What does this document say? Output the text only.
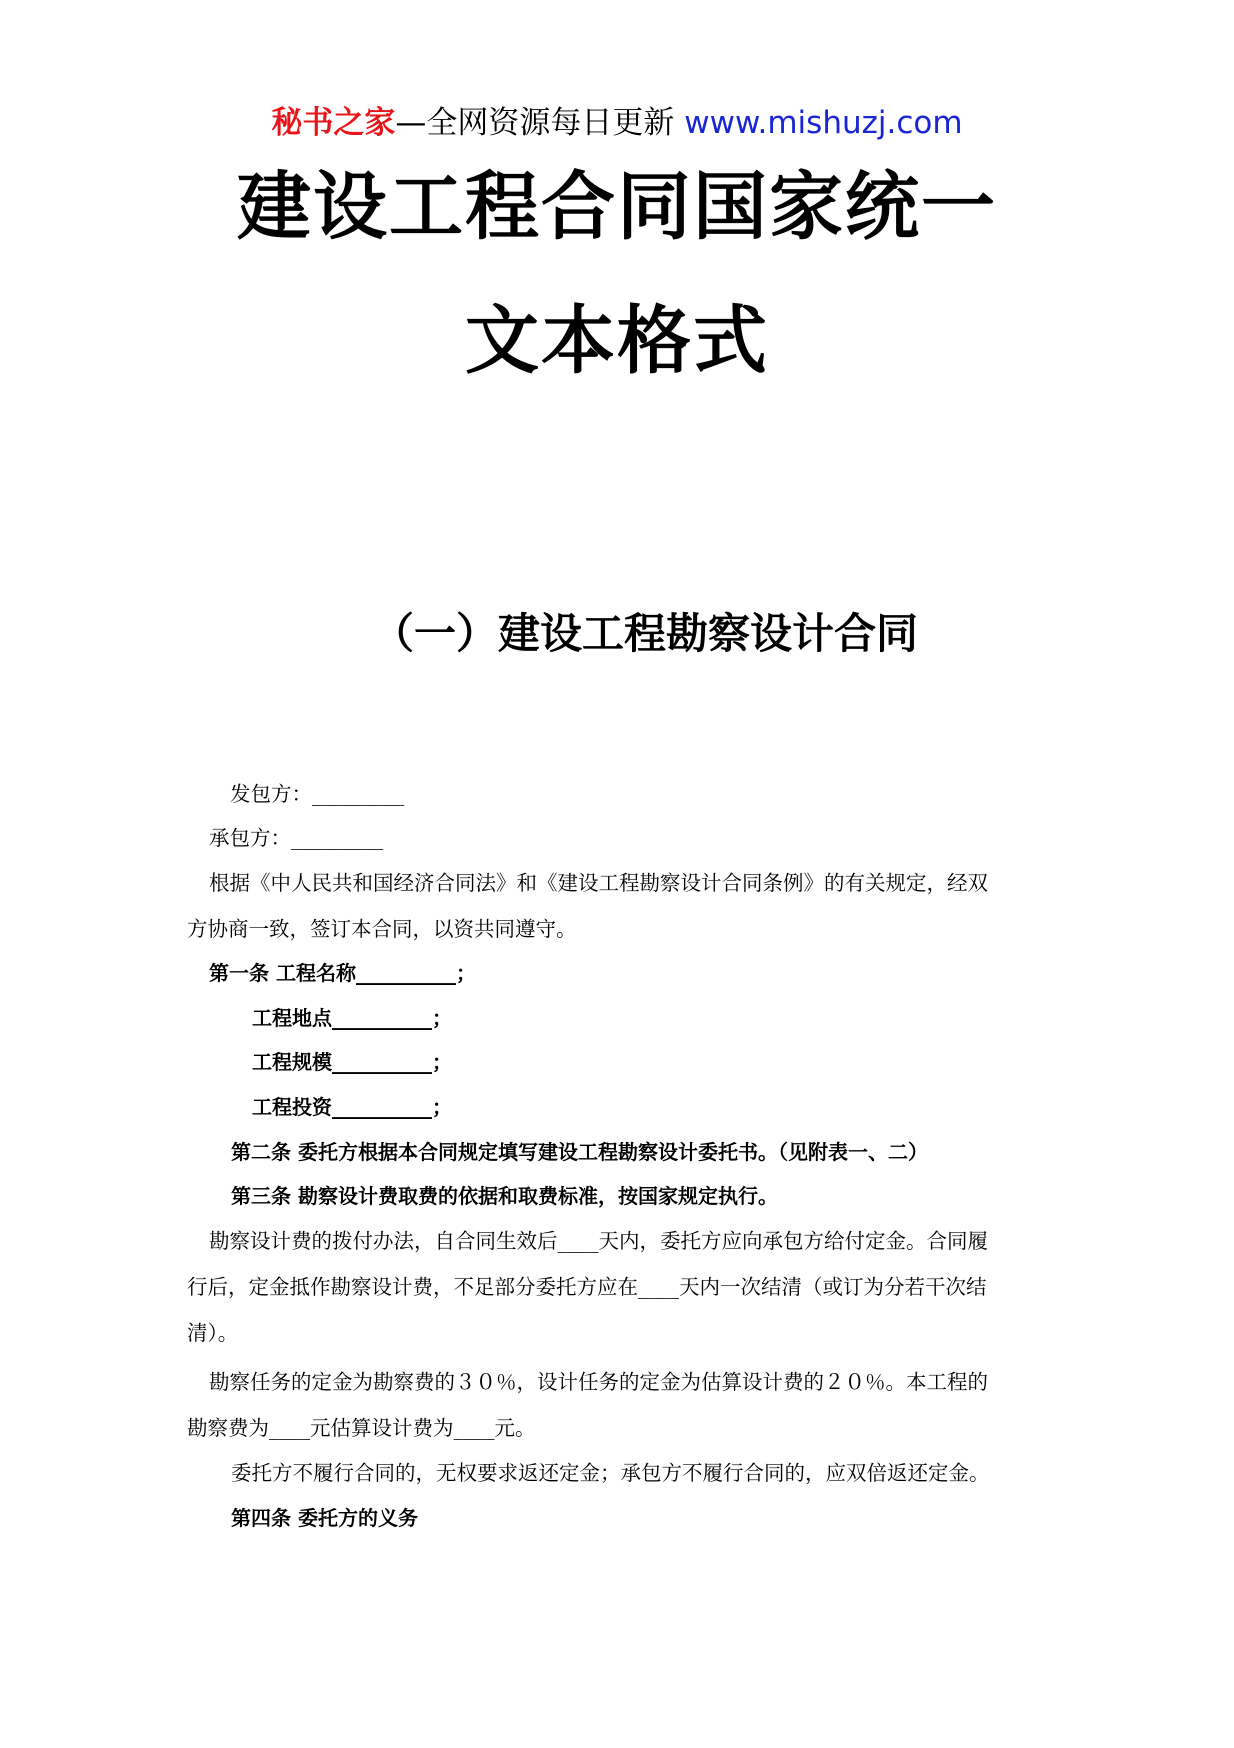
秘书之家—全网资源每日更新 www.mishuzj.com
建设工程合同国家统一
文本格式
（一）建设工程勘察设计合同
发包方：_________
承包方：_________
根据《中人民共和国经济合同法》和《建设工程勘察设计合同条例》的有关规定，经双
方协商一致，签订本合同，以资共同遵守。
第一条 工程名称__________；
工程地点__________；
工程规模__________；
工程投资__________；
第二条 委托方根据本合同规定填写建设工程勘察设计委托书。（见附表一、二）
第三条 勘察设计费取费的依据和取费标准，按国家规定执行。
勘察设计费的拨付办法，自合同生效后____天内，委托方应向承包方给付定金。合同履
行后，定金抵作勘察设计费，不足部分委托方应在____天内一次结清（或订为分若干次结
清）。
勘察任务的定金为勘察费的３０％，设计任务的定金为估算设计费的２０％。本工程的
勘察费为____元估算设计费为____元。
委托方不履行合同的，无权要求返还定金；承包方不履行合同的，应双倍返还定金。
第四条 委托方的义务
